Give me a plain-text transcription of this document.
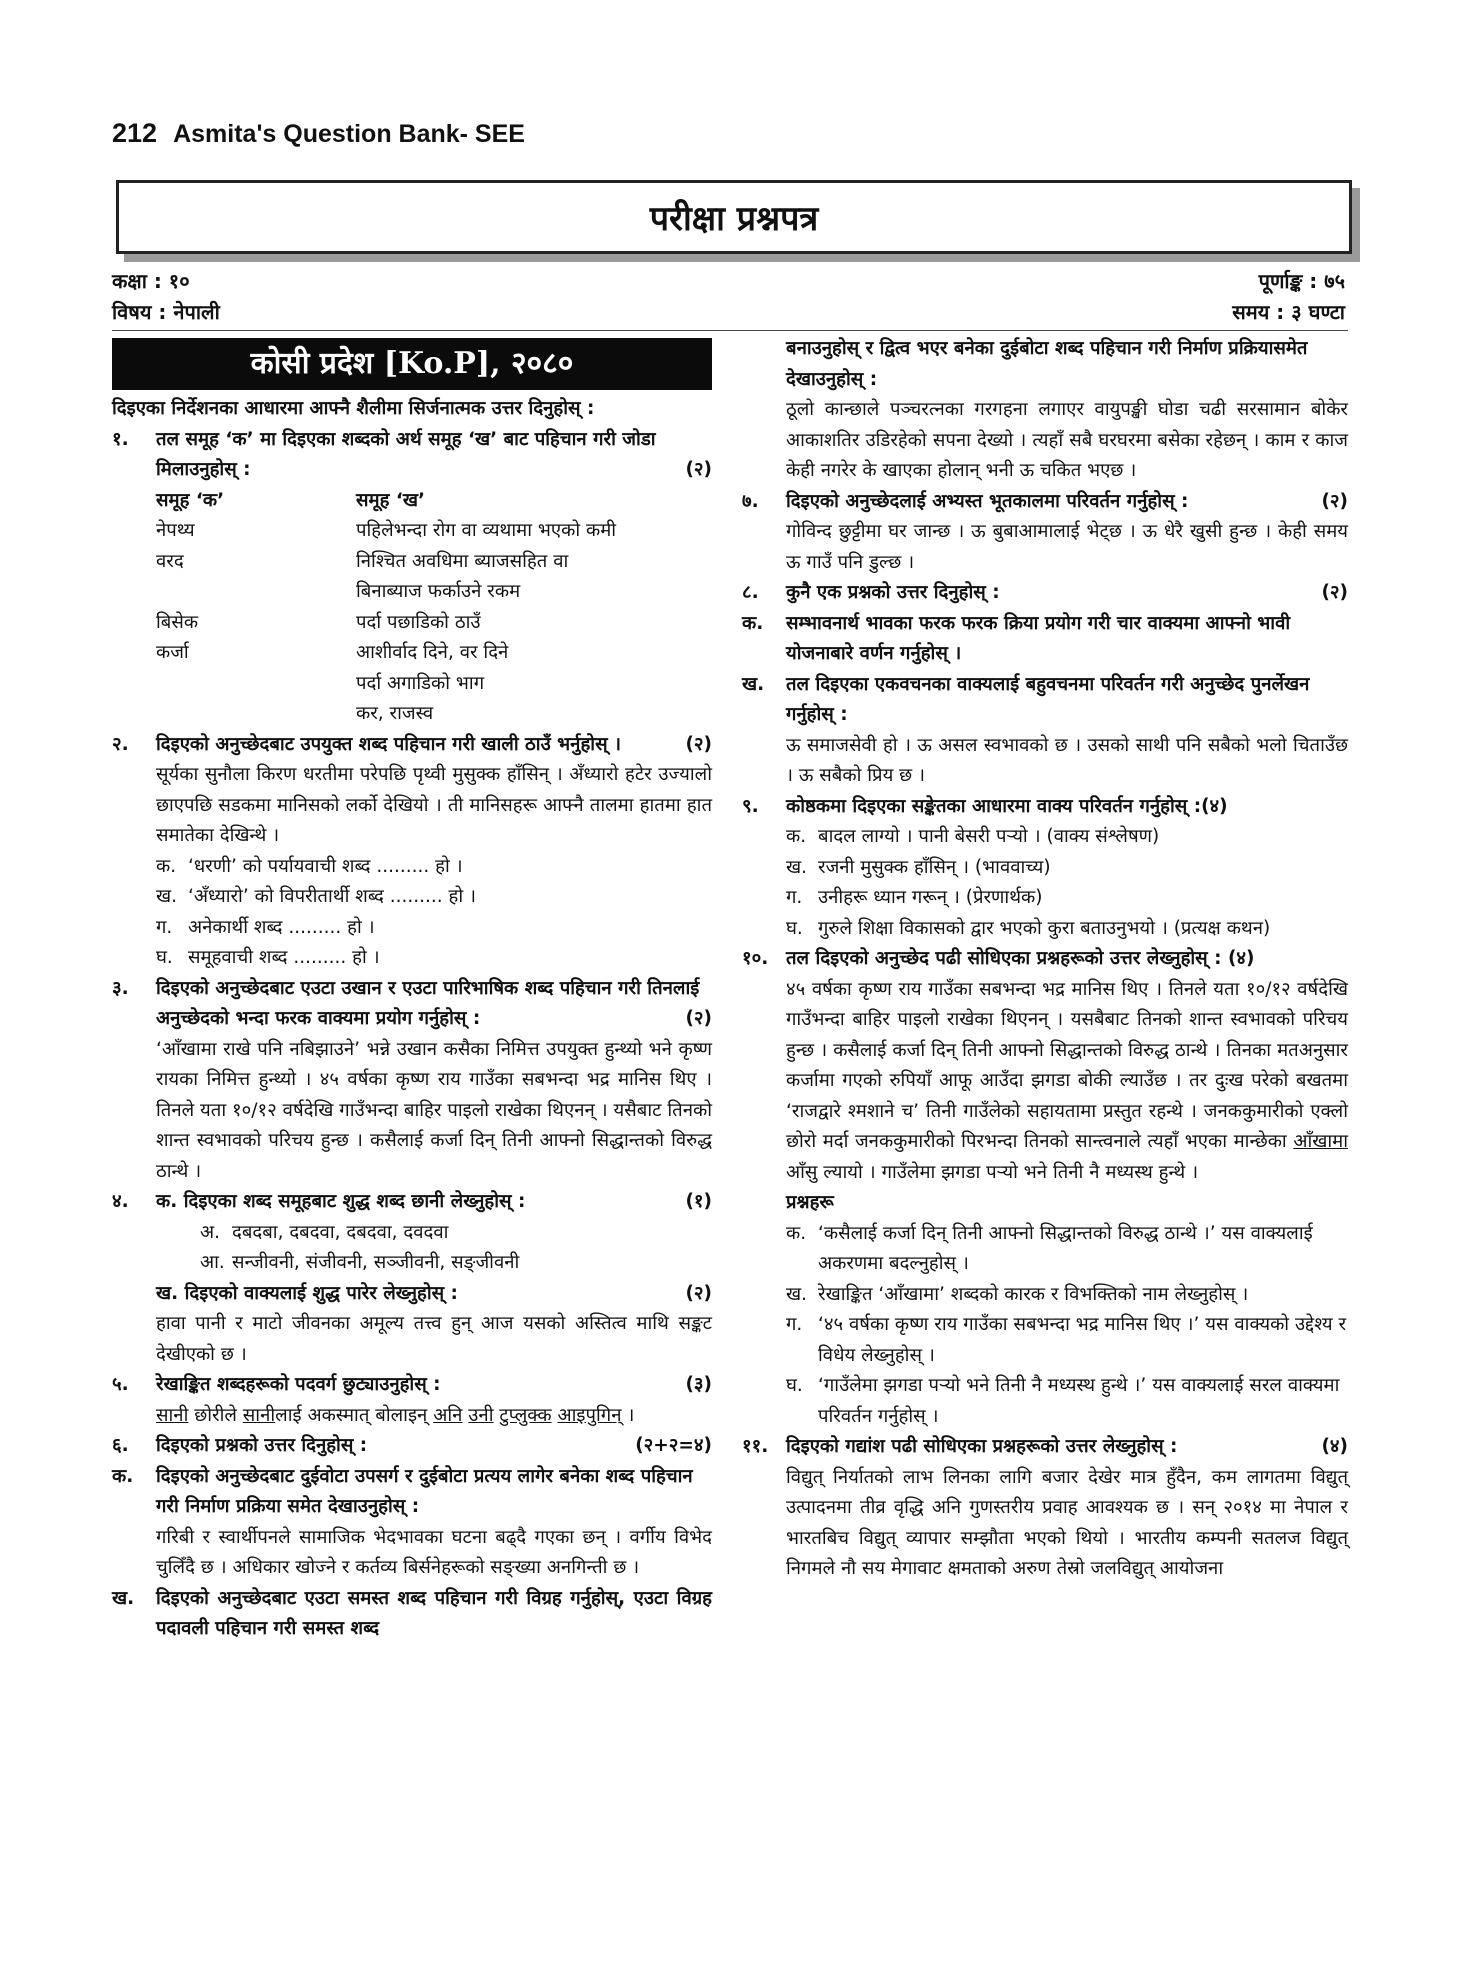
212 Asmita's Question Bank- SEE
परीक्षा प्रश्नपत्र
कक्षा : १०
विषय : नेपाली
पूर्णाङ्क : ७५
समय : ३ घण्टा
कोसी प्रदेश [Ko.P], २०८०
दिइएका निर्देशनका आधारमा आफ्नै शैलीमा सिर्जनात्मक उत्तर दिनुहोस् :
१.	तल समूह ‘क’ मा दिइएका शब्दको अर्थ समूह ‘ख’ बाट पहिचान गरी जोडा मिलाउनुहोस् :	(२)
समूह ‘क’	समूह ‘ख’
नेपथ्य	पहिलेभन्दा रोग वा व्यथामा भएको कमी
वरद	निश्चित अवधिमा ब्याजसहित वा
बिनाब्याज फर्काउने रकम
बिसेक	पर्दा पछाडिको ठाउँ
कर्जा	आशीर्वाद दिने, वर दिने
पर्दा अगाडिको भाग
कर, राजस्व
२.	दिइएको अनुच्छेदबाट उपयुक्त शब्द पहिचान गरी खाली ठाउँ भर्नुहोस् ।	(२)
सूर्यका सुनौला किरण धरतीमा परेपछि पृथ्वी मुसुक्क हाँसिन् । अँध्यारो हटेर उज्यालो छाएपछि सडकमा मानिसको लर्को देखियो । ती मानिसहरू आफ्नै तालमा हातमा हात समातेका देखिन्थे ।
क. ‘धरणी’ को पर्यायवाची शब्द ......... हो ।
ख. ‘अँध्यारो’ को विपरीतार्थी शब्द ......... हो ।
ग. अनेकार्थी शब्द ......... हो ।
घ. समूहवाची शब्द ......... हो ।
३.	दिइएको अनुच्छेदबाट एउटा उखान र एउटा पारिभाषिक शब्द पहिचान गरी तिनलाई अनुच्छेदको भन्दा फरक वाक्यमा प्रयोग गर्नुहोस् :	(२)
‘आँखामा राखे पनि नबिझाउने’ भन्ने उखान कसैका निमित्त उपयुक्त हुन्थ्यो भने कृष्ण रायका निमित्त हुन्थ्यो । ४५ वर्षका कृष्ण राय गाउँका सबभन्दा भद्र मानिस थिए । तिनले यता १०/१२ वर्षदेखि गाउँभन्दा बाहिर पाइलो राखेका थिएनन् । यसैबाट तिनको शान्त स्वभावको परिचय हुन्छ । कसैलाई कर्जा दिन् तिनी आफ्नो सिद्धान्तको विरुद्ध ठान्थे ।
४.	क. दिइएका शब्द समूहबाट शुद्ध शब्द छानी लेख्नुहोस् :	(१)
अ. दबदबा, दबदवा, दबदवा, दवदवा
आ. सन्जीवनी, संजीवनी, सञ्जीवनी, सङ्जीवनी
ख. दिइएको वाक्यलाई शुद्ध पारेर लेख्नुहोस् :	(२)
हावा पानी र माटो जीवनका अमूल्य तत्त्व हुन् आज यसको अस्तित्व माथि सङ्कट देखीएको छ ।
५.	रेखाङ्कित शब्दहरूको पदवर्ग छुट्याउनुहोस् :	(३)
सानी छोरीले सानीलाई अकस्मात् बोलाइन् अनि उनी टुप्लुक्क आइपुगिन् ।
६.	दिइएको प्रश्नको उत्तर दिनुहोस् :	(२+२=४)
क.	दिइएको अनुच्छेदबाट दुईवोटा उपसर्ग र दुईबोटा प्रत्यय लागेर बनेका शब्द पहिचान गरी निर्माण प्रक्रिया समेत देखाउनुहोस् :
गरिबी र स्वार्थीपनले सामाजिक भेदभावका घटना बढ्दै गएका छन् । वर्गीय विभेद चुलिँदै छ । अधिकार खोज्ने र कर्तव्य बिर्सनेहरूको सङ्ख्या अनगिन्ती छ ।
ख.	दिइएको अनुच्छेदबाट एउटा समस्त शब्द पहिचान गरी विग्रह गर्नुहोस्, एउटा विग्रह पदावली पहिचान गरी समस्त शब्द
बनाउनुहोस् र द्वित्व भएर बनेका दुईबोटा शब्द पहिचान गरी निर्माण प्रक्रियासमेत देखाउनुहोस् :
ठूलो कान्छाले पञ्चरत्नका गरगहना लगाएर वायुपङ्खी घोडा चढी सरसामान बोकेर आकाशतिर उडिरहेको सपना देख्यो । त्यहाँ सबै घरघरमा बसेका रहेछन् । काम र काज केही नगरेर के खाएका होलान् भनी ऊ चकित भएछ ।
७.	दिइएको अनुच्छेदलाई अभ्यस्त भूतकालमा परिवर्तन गर्नुहोस् :	(२)
गोविन्द छुट्टीमा घर जान्छ । ऊ बुबाआमालाई भेट्छ । ऊ धेरै खुसी हुन्छ । केही समय ऊ गाउँ पनि डुल्छ ।
८.	कुनै एक प्रश्नको उत्तर दिनुहोस् :	(२)
क.	सम्भावनार्थ भावका फरक फरक क्रिया प्रयोग गरी चार वाक्यमा आफ्नो भावी योजनाबारे वर्णन गर्नुहोस् ।
ख.	तल दिइएका एकवचनका वाक्यलाई बहुवचनमा परिवर्तन गरी अनुच्छेद पुनर्लेखन गर्नुहोस् :
ऊ समाजसेवी हो । ऊ असल स्वभावको छ । उसको साथी पनि सबैको भलो चिताउँछ । ऊ सबैको प्रिय छ ।
९.	कोष्ठकमा दिइएका सङ्केतका आधारमा वाक्य परिवर्तन गर्नुहोस् :(४)
क. बादल लाग्यो । पानी बेसरी पऱ्यो । (वाक्य संश्लेषण)
ख. रजनी मुसुक्क हाँसिन् । (भाववाच्य)
ग. उनीहरू ध्यान गरून् । (प्रेरणार्थक)
घ. गुरुले शिक्षा विकासको द्वार भएको कुरा बताउनुभयो । (प्रत्यक्ष कथन)
१०. तल दिइएको अनुच्छेद पढी सोधिएका प्रश्नहरूको उत्तर लेख्नुहोस् : (४)
४५ वर्षका कृष्ण राय गाउँका सबभन्दा भद्र मानिस थिए । तिनले यता १०/१२ वर्षदेखि गाउँभन्दा बाहिर पाइलो राखेका थिएनन् । यसबैबाट तिनको शान्त स्वभावको परिचय हुन्छ । कसैलाई कर्जा दिन् तिनी आफ्नो सिद्धान्तको विरुद्ध ठान्थे । तिनका मतअनुसार कर्जामा गएको रुपियाँ आफू आउँदा झगडा बोकी ल्याउँछ । तर दुःख परेको बखतमा ‘राजद्वारे श्मशाने च’ तिनी गाउँलेको सहायतामा प्रस्तुत रहन्थे । जनककुमारीको एक्लो छोरो मर्दा जनककुमारीको पिरभन्दा तिनको सान्त्वनाले त्यहाँ भएका मान्छेका आँखामा आँसु ल्यायो । गाउँलेमा झगडा पऱ्यो भने तिनी नै मध्यस्थ हुन्थे ।
प्रश्नहरू
क. ‘कसैलाई कर्जा दिन् तिनी आफ्नो सिद्धान्तको विरुद्ध ठान्थे ।’ यस वाक्यलाई अकरणमा बदल्नुहोस् ।
ख. रेखाङ्कित ‘आँखामा’ शब्दको कारक र विभक्तिको नाम लेख्नुहोस् ।
ग. ‘४५ वर्षका कृष्ण राय गाउँका सबभन्दा भद्र मानिस थिए ।’ यस वाक्यको उद्देश्य र विधेय लेख्नुहोस् ।
घ. ‘गाउँलेमा झगडा पऱ्यो भने तिनी नै मध्यस्थ हुन्थे ।’ यस वाक्यलाई सरल वाक्यमा परिवर्तन गर्नुहोस् ।
११. दिइएको गद्यांश पढी सोधिएका प्रश्नहरूको उत्तर लेख्नुहोस् :	(४)
विद्युत् निर्यातको लाभ लिनका लागि बजार देखेर मात्र हुँदैन, कम लागतमा विद्युत् उत्पादनमा तीव्र वृद्धि अनि गुणस्तरीय प्रवाह आवश्यक छ । सन् २०१४ मा नेपाल र भारतबिच विद्युत् व्यापार सम्झौता भएको थियो । भारतीय कम्पनी सतलज विद्युत् निगमले नौ सय मेगावाट क्षमताको अरुण तेस्रो जलविद्युत् आयोजना
